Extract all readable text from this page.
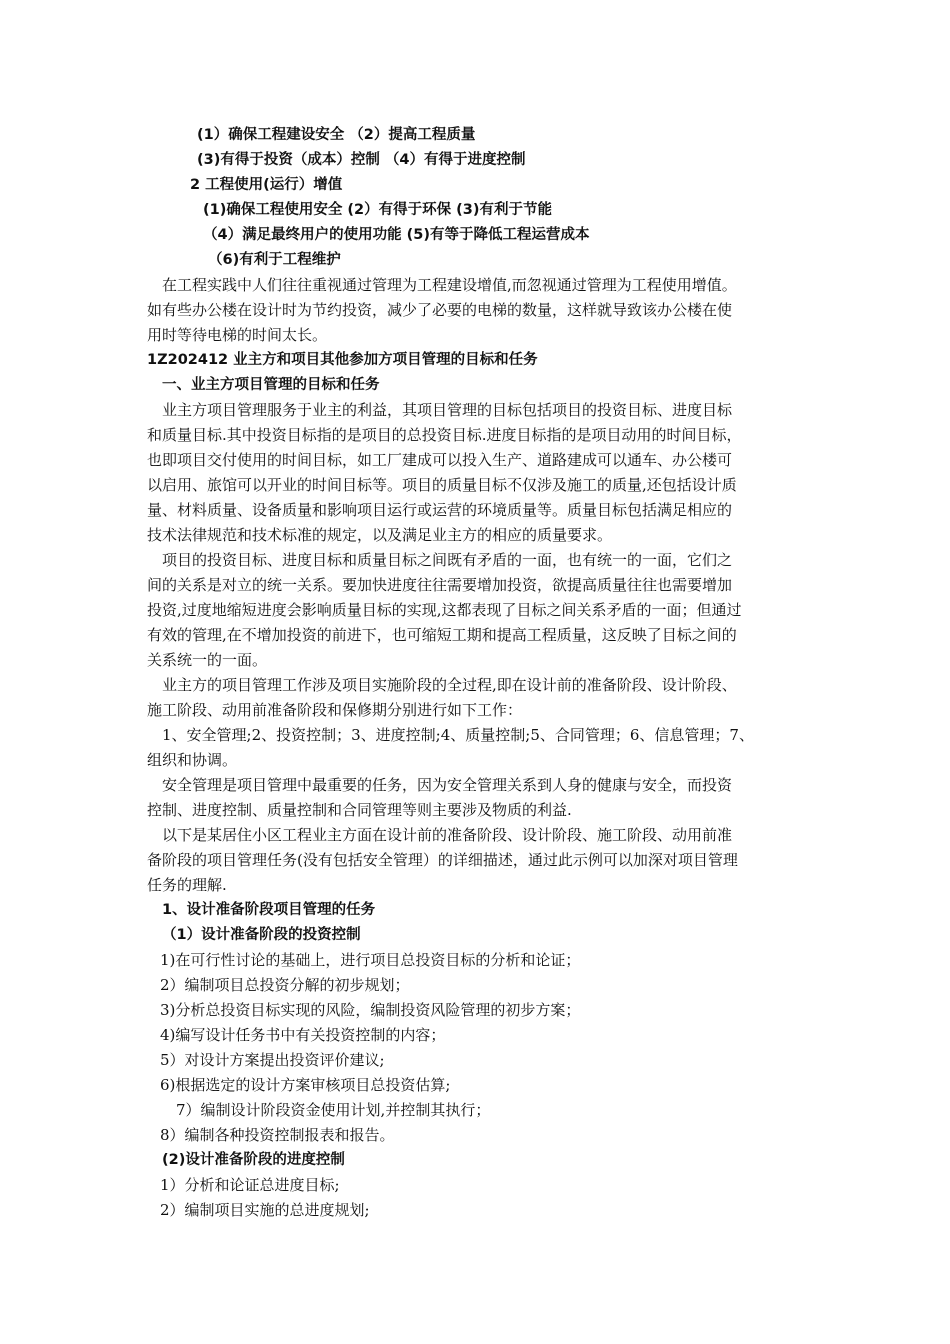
(1）确保工程建设安全 （2）提高工程质量
(3)有得于投资（成本）控制 （4）有得于进度控制
2 工程使用(运行）增值
(1)确保工程使用安全 (2）有得于环保 (3)有利于节能
（4）满足最终用户的使用功能 (5)有等于降低工程运营成本
（6)有利于工程维护
在工程实践中人们往往重视通过管理为工程建设增值,而忽视通过管理为工程使用增值。
如有些办公楼在设计时为节约投资，减少了必要的电梯的数量，这样就导致该办公楼在使
用时等待电梯的时间太长。
1Z202412 业主方和项目其他参加方项目管理的目标和任务
一、业主方项目管理的目标和任务
业主方项目管理服务于业主的利益，其项目管理的目标包括项目的投资目标、进度目标
和质量目标.其中投资目标指的是项目的总投资目标.进度目标指的是项目动用的时间目标，
也即项目交付使用的时间目标，如工厂建成可以投入生产、道路建成可以通车、办公楼可
以启用、旅馆可以开业的时间目标等。项目的质量目标不仅涉及施工的质量,还包括设计质
量、材料质量、设备质量和影响项目运行或运营的环境质量等。质量目标包括满足相应的
技术法律规范和技术标准的规定，以及满足业主方的相应的质量要求。
项目的投资目标、进度目标和质量目标之间既有矛盾的一面，也有统一的一面，它们之
间的关系是对立的统一关系。要加快进度往往需要增加投资，欲提高质量往往也需要增加
投资,过度地缩短进度会影响质量目标的实现,这都表现了目标之间关系矛盾的一面；但通过
有效的管理,在不增加投资的前进下，也可缩短工期和提高工程质量，这反映了目标之间的
关系统一的一面。
业主方的项目管理工作涉及项目实施阶段的全过程,即在设计前的准备阶段、设计阶段、
施工阶段、动用前准备阶段和保修期分别进行如下工作：
1、安全管理;2、投资控制；3、进度控制;4、质量控制;5、合同管理；6、信息管理；7、
组织和协调。
安全管理是项目管理中最重要的任务，因为安全管理关系到人身的健康与安全，而投资
控制、进度控制、质量控制和合同管理等则主要涉及物质的利益.
以下是某居住小区工程业主方面在设计前的准备阶段、设计阶段、施工阶段、动用前准
备阶段的项目管理任务(没有包括安全管理）的详细描述，通过此示例可以加深对项目管理
任务的理解.
1、设计准备阶段项目管理的任务
（1）设计准备阶段的投资控制
1)在可行性讨论的基础上，进行项目总投资目标的分析和论证；
2）编制项目总投资分解的初步规划；
3)分析总投资目标实现的风险，编制投资风险管理的初步方案；
4)编写设计任务书中有关投资控制的内容；
5）对设计方案提出投资评价建议;
6)根据选定的设计方案审核项目总投资估算;
7）编制设计阶段资金使用计划,并控制其执行；
8）编制各种投资控制报表和报告。
(2)设计准备阶段的进度控制
1）分析和论证总进度目标;
2）编制项目实施的总进度规划;
